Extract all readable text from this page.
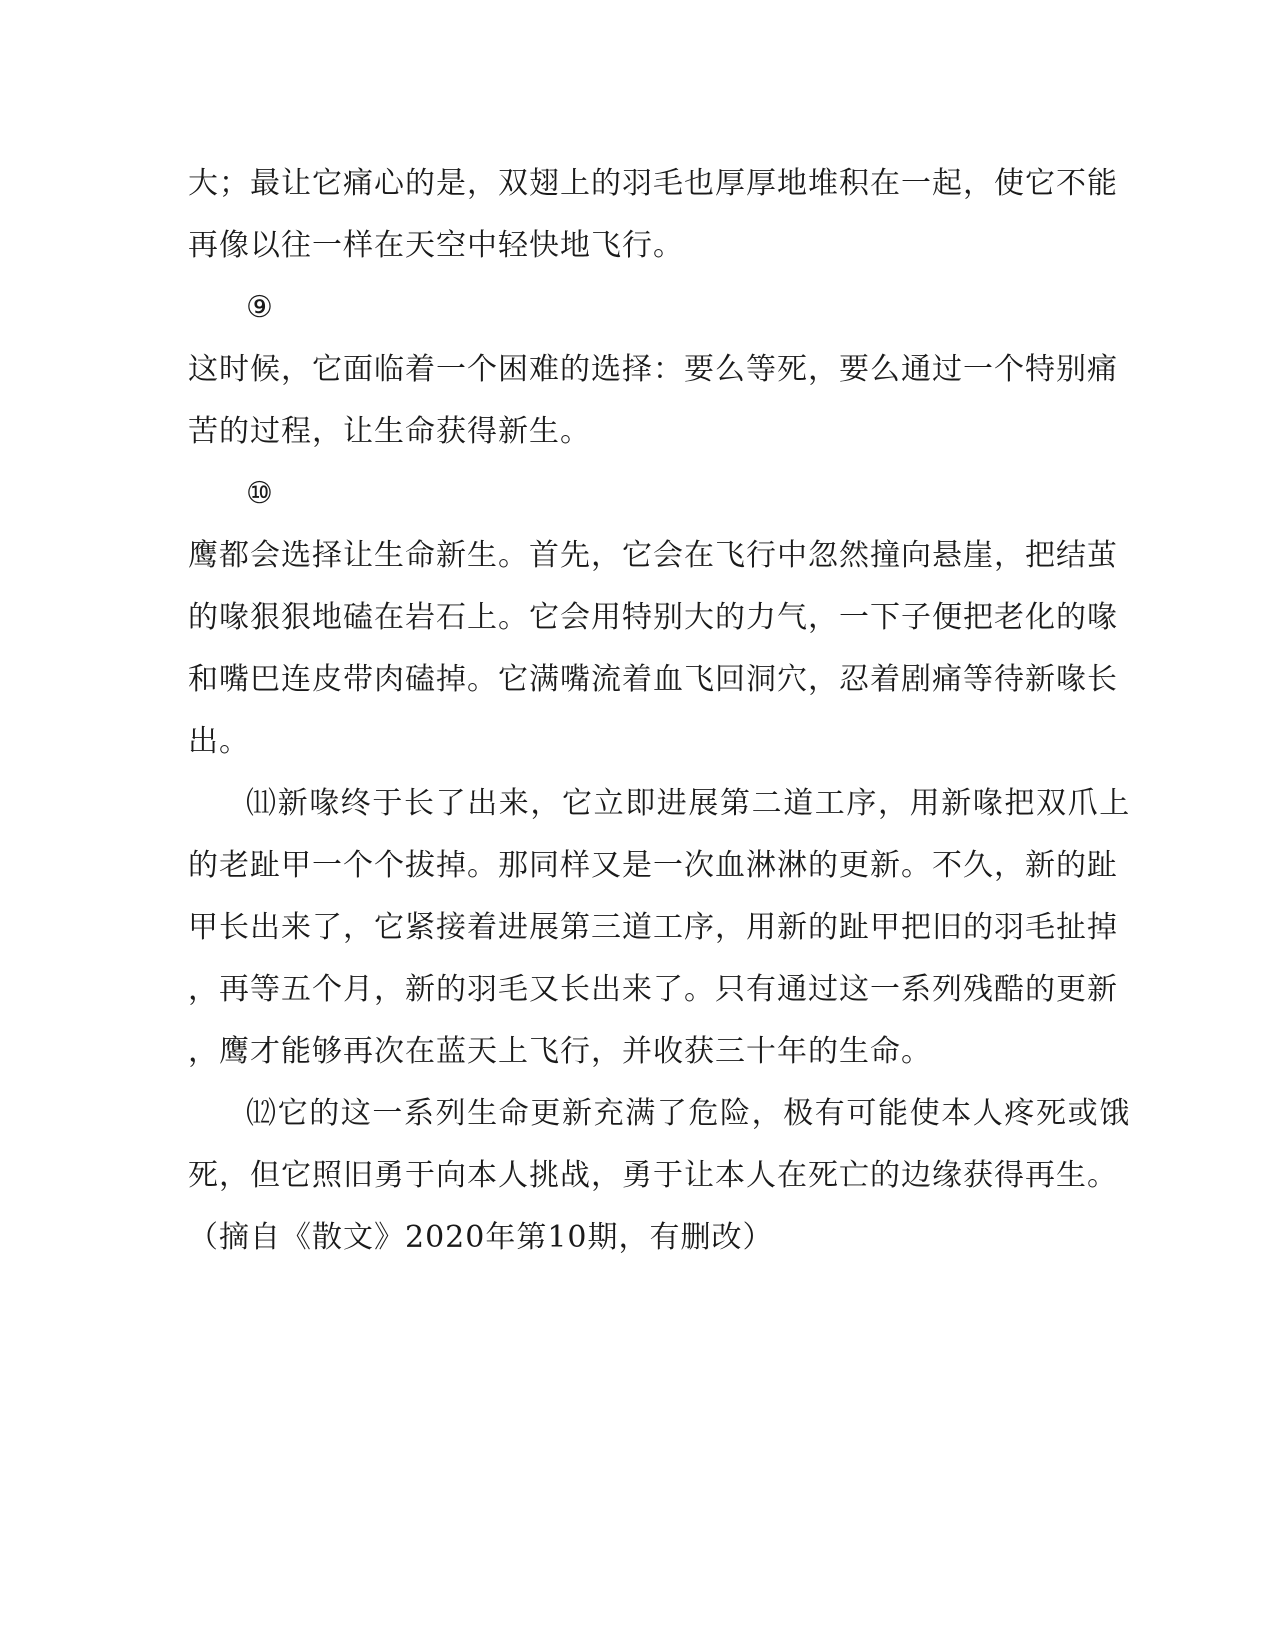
大；最让它痛心的是，双翅上的羽毛也厚厚地堆积在一起，使它不能
再像以往一样在天空中轻快地飞行。
⑨
这时候，它面临着一个困难的选择：要么等死，要么通过一个特别痛
苦的过程，让生命获得新生。
⑩
鹰都会选择让生命新生。首先，它会在飞行中忽然撞向悬崖，把结茧
的喙狠狠地磕在岩石上。它会用特别大的力气，一下子便把老化的喙
和嘴巴连皮带肉磕掉。它满嘴流着血飞回洞穴，忍着剧痛等待新喙长
出。
⑾新喙终于长了出来，它立即进展第二道工序，用新喙把双爪上
的老趾甲一个个拔掉。那同样又是一次血淋淋的更新。不久，新的趾
甲长出来了，它紧接着进展第三道工序，用新的趾甲把旧的羽毛扯掉
，再等五个月，新的羽毛又长出来了。只有通过这一系列残酷的更新
，鹰才能够再次在蓝天上飞行，并收获三十年的生命。
⑿它的这一系列生命更新充满了危险，极有可能使本人疼死或饿
死，但它照旧勇于向本人挑战，勇于让本人在死亡的边缘获得再生。
（摘自《散文》2020年第10期，有删改）
